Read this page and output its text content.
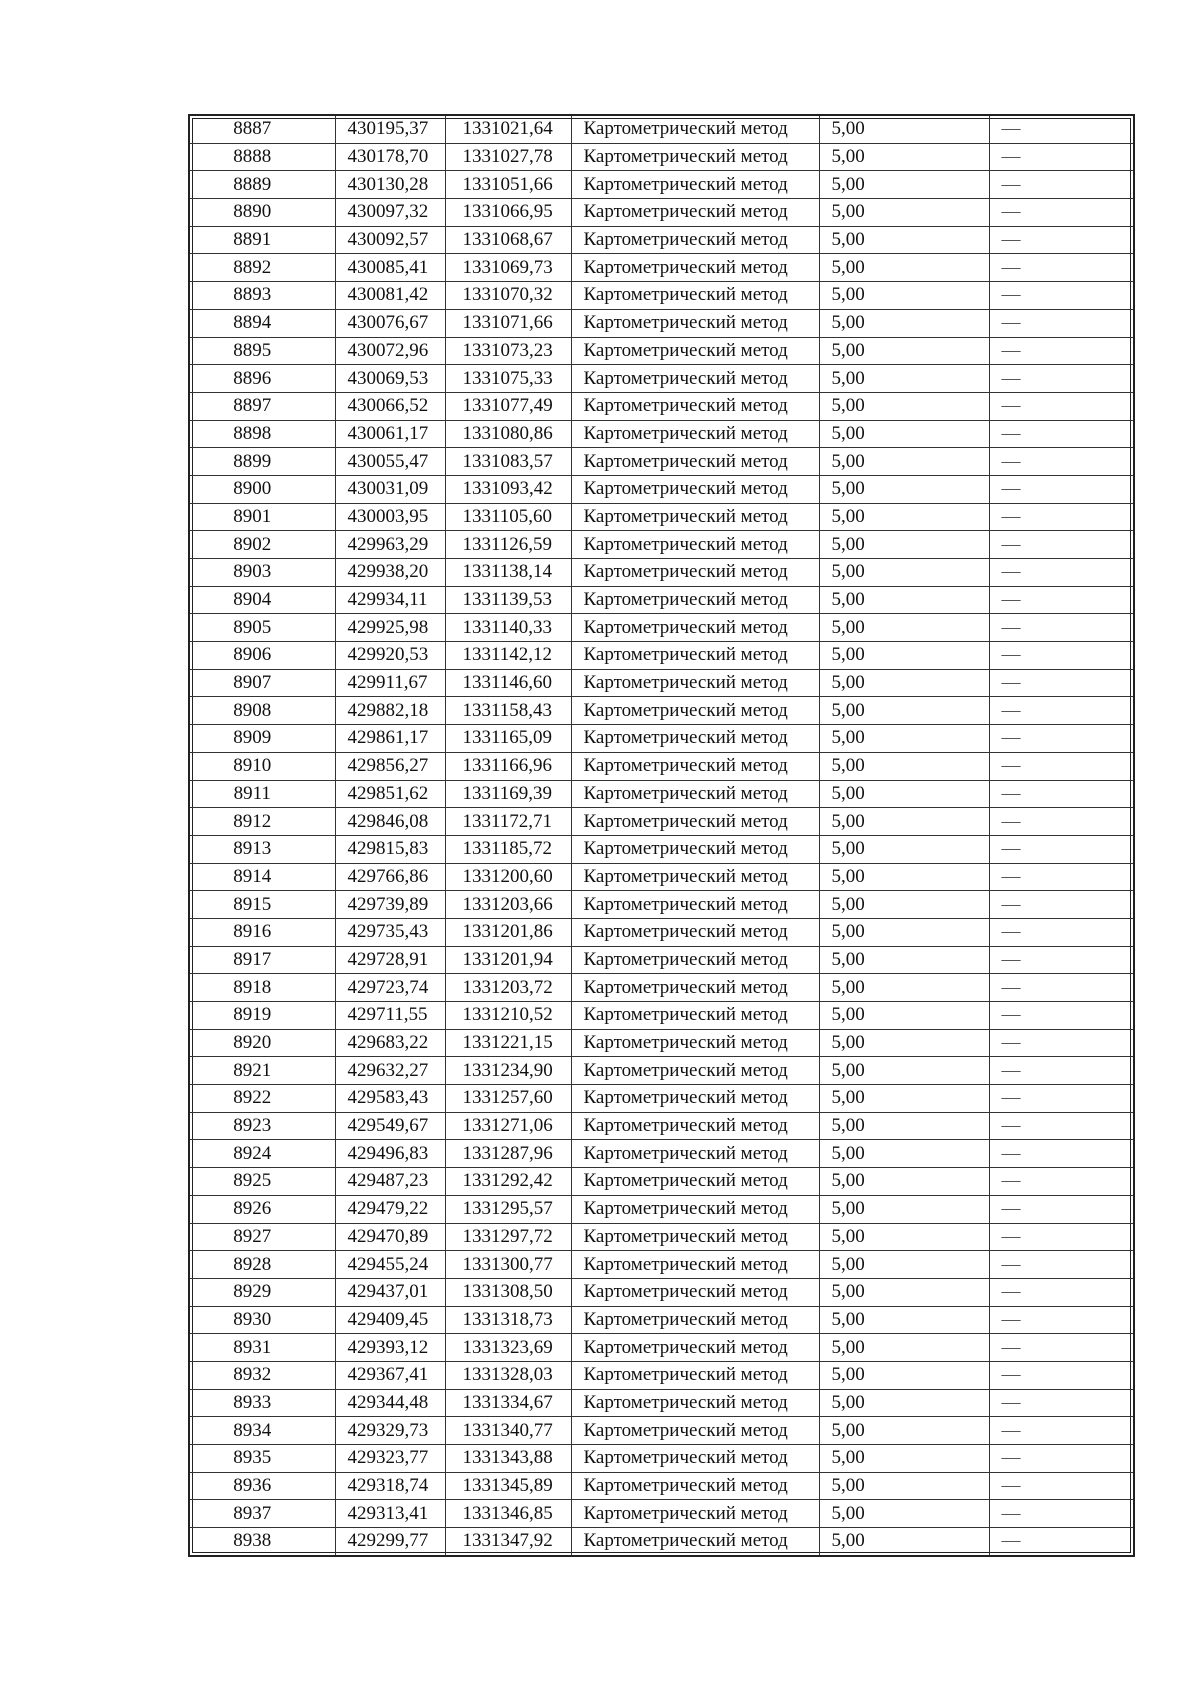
8887	430195,37	1331021,64	Картометрический метод	5,00	—
8888	430178,70	1331027,78	Картометрический метод	5,00	—
8889	430130,28	1331051,66	Картометрический метод	5,00	—
8890	430097,32	1331066,95	Картометрический метод	5,00	—
8891	430092,57	1331068,67	Картометрический метод	5,00	—
8892	430085,41	1331069,73	Картометрический метод	5,00	—
8893	430081,42	1331070,32	Картометрический метод	5,00	—
8894	430076,67	1331071,66	Картометрический метод	5,00	—
8895	430072,96	1331073,23	Картометрический метод	5,00	—
8896	430069,53	1331075,33	Картометрический метод	5,00	—
8897	430066,52	1331077,49	Картометрический метод	5,00	—
8898	430061,17	1331080,86	Картометрический метод	5,00	—
8899	430055,47	1331083,57	Картометрический метод	5,00	—
8900	430031,09	1331093,42	Картометрический метод	5,00	—
8901	430003,95	1331105,60	Картометрический метод	5,00	—
8902	429963,29	1331126,59	Картометрический метод	5,00	—
8903	429938,20	1331138,14	Картометрический метод	5,00	—
8904	429934,11	1331139,53	Картометрический метод	5,00	—
8905	429925,98	1331140,33	Картометрический метод	5,00	—
8906	429920,53	1331142,12	Картометрический метод	5,00	—
8907	429911,67	1331146,60	Картометрический метод	5,00	—
8908	429882,18	1331158,43	Картометрический метод	5,00	—
8909	429861,17	1331165,09	Картометрический метод	5,00	—
8910	429856,27	1331166,96	Картометрический метод	5,00	—
8911	429851,62	1331169,39	Картометрический метод	5,00	—
8912	429846,08	1331172,71	Картометрический метод	5,00	—
8913	429815,83	1331185,72	Картометрический метод	5,00	—
8914	429766,86	1331200,60	Картометрический метод	5,00	—
8915	429739,89	1331203,66	Картометрический метод	5,00	—
8916	429735,43	1331201,86	Картометрический метод	5,00	—
8917	429728,91	1331201,94	Картометрический метод	5,00	—
8918	429723,74	1331203,72	Картометрический метод	5,00	—
8919	429711,55	1331210,52	Картометрический метод	5,00	—
8920	429683,22	1331221,15	Картометрический метод	5,00	—
8921	429632,27	1331234,90	Картометрический метод	5,00	—
8922	429583,43	1331257,60	Картометрический метод	5,00	—
8923	429549,67	1331271,06	Картометрический метод	5,00	—
8924	429496,83	1331287,96	Картометрический метод	5,00	—
8925	429487,23	1331292,42	Картометрический метод	5,00	—
8926	429479,22	1331295,57	Картометрический метод	5,00	—
8927	429470,89	1331297,72	Картометрический метод	5,00	—
8928	429455,24	1331300,77	Картометрический метод	5,00	—
8929	429437,01	1331308,50	Картометрический метод	5,00	—
8930	429409,45	1331318,73	Картометрический метод	5,00	—
8931	429393,12	1331323,69	Картометрический метод	5,00	—
8932	429367,41	1331328,03	Картометрический метод	5,00	—
8933	429344,48	1331334,67	Картометрический метод	5,00	—
8934	429329,73	1331340,77	Картометрический метод	5,00	—
8935	429323,77	1331343,88	Картометрический метод	5,00	—
8936	429318,74	1331345,89	Картометрический метод	5,00	—
8937	429313,41	1331346,85	Картометрический метод	5,00	—
8938	429299,77	1331347,92	Картометрический метод	5,00	—
